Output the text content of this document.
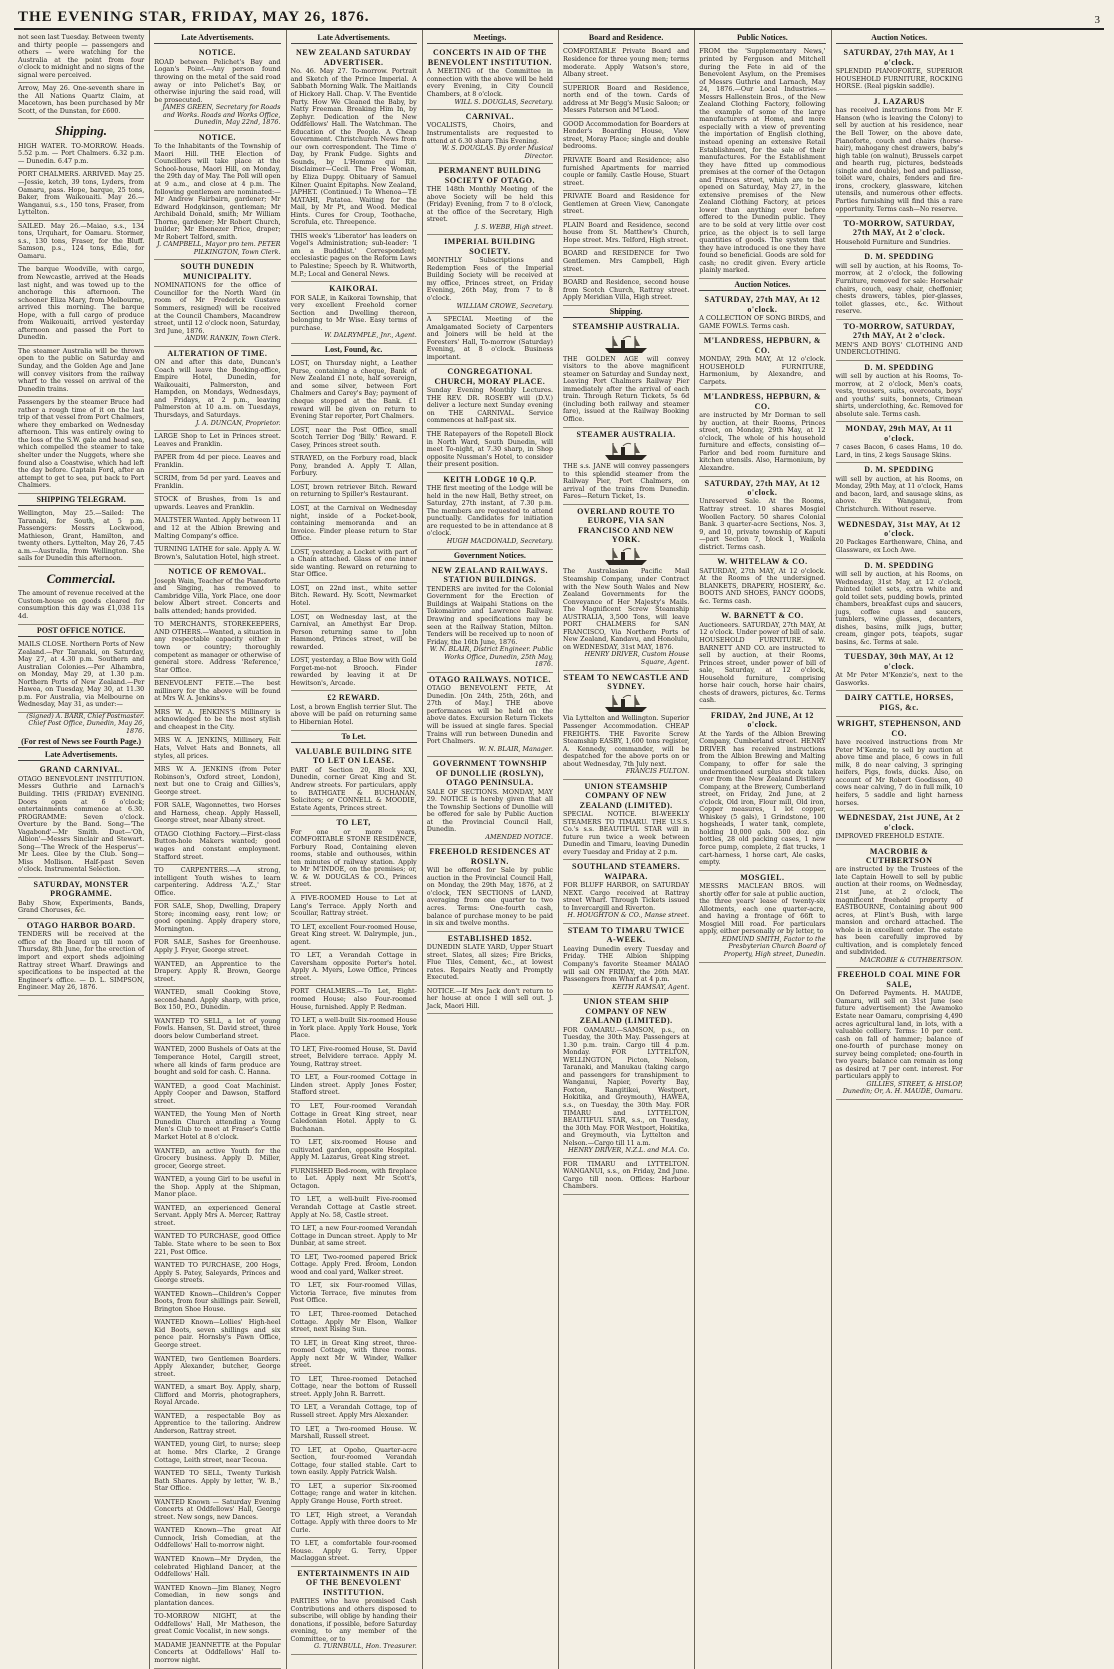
THE EVENING STAR, FRIDAY, MAY 26, 1876.	3
not seen last Tuesday. Between twenty and thirty people — passengers and others — were watching for the Australia at the point from four o'clock to midnight and no signs of the signal were perceived.
Arrow, May 26. One-seventh share in the All Nations Quartz Claim, at Macetown, has been purchased by Mr Scott, of the Dunstan, for £600.
Shipping.
HIGH WATER. TO-MORROW. Heads. 5.52 p.m. — Port Chalmers. 6.32 p.m. — Dunedin. 6.47 p.m.
PORT CHALMERS. ARRIVED. May 25.—Jessie, ketch, 39 tons, Lyders, from Oamaru, pass. Hope, barque, 25 tons, Baker, from Waikouaiti. May 26.—Wanganui, s.s., 150 tons, Fraser, from Lyttelton.
SAILED. May 26.—Maiao, s.s., 134 tons, Urquhart, for Oamaru. Stormer, s.s., 130 tons, Fraser, for the Bluff. Samson, p.s., 124 tons, Edie, for Oamaru.
The barque Woodville, with cargo, from Newcastle, arrived at the Heads last night, and was towed up to the anchorage this afternoon. The schooner Eliza Mary, from Melbourne, arrived this morning. The barque Hope, with a full cargo of produce from Waikouaiti, arrived yesterday afternoon and passed the Port to Dunedin.
The steamer Australia will be thrown open to the public on Saturday and Sunday, and the Golden Age and Jane will convey visitors from the railway wharf to the vessel on arrival of the Dunedin trains.
Passengers by the steamer Bruce had rather a rough time of it on the last trip of that vessel from Port Chalmers, where they embarked on Wednesday afternoon. This was entirely owing to the loss of the S.W. gale and head sea, which compelled the steamer to take shelter under the Nuggets, where she found also a Coastwise, which had left the day before. Captain Ford, after an attempt to get to sea, put back to Port Chalmers.
SHIPPING TELEGRAM.
Wellington, May 25.—Sailed: The Taranaki, for South, at 5 p.m. Passengers: Messrs Lockwood, Mathieson, Grant, Hamilton, and twenty others. Lyttelton, May 26, 7.45 a.m.—Australia, from Wellington. She sails for Dunedin this afternoon.
Commercial.
The amount of revenue received at the Custom-house on goods cleared for consumption this day was £1,038 11s 4d.
POST OFFICE NOTICE.
MAILS CLOSE. Northern Ports of New Zealand.—Per Taranaki, on Saturday, May 27, at 4.30 p.m. Southern and Australian Colonies.—Per Alhambra, on Monday, May 29, at 1.30 p.m. Northern Ports of New Zealand.—Per Hawea, on Tuesday, May 30, at 11.30 p.m. For Australia, via Melbourne on Wednesday, May 31, as under:—
(Signed) A. BARR, Chief Postmaster. Chief Post Office, Dunedin, May 26, 1876.
(For rest of News see Fourth Page.)
Late Advertisements.
GRAND CARNIVAL.
OTAGO BENEVOLENT INSTITUTION. Messrs Guthrie and Larnach's Building. THIS (FRIDAY) EVENING. Doors open at 6 o'clock; entertainments commence at 6.30. PROGRAMME: Seven o'clock. Overture by the Band. Song—'The Vagabond'—Mr Smith. Duet—'Oh, Albion'—Messrs Sinclair and Stewart. Song—'The Wreck of the Hesperus'—Mr Lees. Glee by the Club. Song—Miss Mollison. Half-past Seven o'clock. Instrumental Selection.
SATURDAY, MONSTER PROGRAMME.
Baby Show, Experiments, Bands, Grand Choruses, &c.
OTAGO HARBOR BOARD.
TENDERS will be received at the office of the Board up till noon of Thursday, 8th June, for the erection of import and export sheds adjoining Rattray street Wharf. Drawings and specifications to be inspected at the Engineer's office. — D. L. SIMPSON, Engineer. May 26, 1876.
Late Advertisements.
NOTICE.
ROAD between Pelichet's Bay and Logan's Point.—Any person found throwing on the metal of the said road away or into Pelichet's Bay, or otherwise injuring the said road, will be prosecuted.
JAMES GREEN, Secretary for Roads and Works. Roads and Works Office, Dunedin, May 22nd, 1876.
NOTICE.
To the Inhabitants of the Township of Maori Hill. THE Election of Councillors will take place at the School-house, Maori Hill, on Monday, the 29th day of May. The Poll will open at 9 a.m., and close at 4 p.m. The following gentlemen are nominated:— Mr Andrew Fairbairn, gardener; Mr Edward Hodgkinson, gentleman; Mr Archibald Donald, smith; Mr William Thorne, gardener; Mr Robert Church, builder; Mr Ebenezer Price, draper; Mr Robert Telford, smith.
J. CAMPBELL, Mayor pro tem. PETER PILKINGTON, Town Clerk.
SOUTH DUNEDIN MUNICIPALITY.
NOMINATIONS for the office of Councillor for the North Ward (in room of Mr Frederick Gustave Sommers, resigned) will be received at the Council Chambers, Macandrew street, until 12 o'clock noon, Saturday, 3rd June, 1876.
ANDW. RANKIN, Town Clerk.
ALTERATION OF TIME.
ON and after this date, Duncan's Coach will leave the Booking-office, Empire Hotel, Dunedin, for Waikouaiti, Palmerston, and Hampden, on Mondays, Wednesdays, and Fridays, at 2 p.m., leaving Palmerston at 10 a.m. on Tuesdays, Thursdays, and Saturdays.
J. A. DUNCAN, Proprietor.
LARGE Shop to Let in Princes street. Leaves and Franklin.
PAPER from 4d per piece. Leaves and Franklin.
SCRIM, from 5d per yard. Leaves and Franklin.
STOCK of Brushes, from 1s and upwards. Leaves and Franklin.
MALTSTER Wanted. Apply between 11 and 12 at the Albion Brewing and Malting Company's office.
TURNING LATHE for sale. Apply A. W. Brown's, Salutation Hotel, high street.
NOTICE OF REMOVAL.
Joseph Wain, Teacher of the Pianoforte and Singing, has removed to Cambridge Villa, York Place, one door below Albert street. Concerts and balls attended; hands provided.
TO MERCHANTS, STOREKEEPERS, AND OTHERS.—Wanted, a situation in any respectable capacity either in town or country; thoroughly competent as manager or otherwise of general store. Address 'Reference,' Star Office.
BENEVOLENT FETE.—The best millinery for the above will be found at Mrs W. A. Jenkins's.
MRS W. A. JENKINS'S Millinery is acknowledged to be the most stylish and cheapest in the City.
MRS W. A. JENKINS, Millinery, Felt Hats, Velvet Hats and Bonnets, all styles, all prices.
MRS W. A. JENKINS (from Peter Robinson's, Oxford street, London), next but one to Craig and Gillies's, George street.
FOR SALE, Wagonnettes, two Horses and Harness, cheap. Apply Hassell, George street, near Albany street.
OTAGO Clothing Factory.—First-class Button-hole Makers wanted; good wages and constant employment. Stafford street.
TO CARPENTERS.—A strong, intelligent Youth wishes to learn carpentering. Address 'A.Z.,' Star Office.
FOR SALE, Shop, Dwelling, Drapery Store; incoming easy, rent low; or good opening. Apply drapery store, Mornington.
FOR SALE, Sashes for Greenhouse. Apply J. Fryer, George street.
WANTED, an Apprentice to the Drapery. Apply R. Brown, George street.
WANTED, small Cooking Stove, second-hand. Apply sharp, with price, Box 150, P.O., Dunedin.
WANTED TO SELL, a lot of young Fowls. Hansen, St. David street, three doors below Cumberland street.
WANTED, 2000 Bushels of Oats at the Temperance Hotel, Cargill street, where all kinds of farm produce are bought and sold for cash. C. Hanna.
WANTED, a good Coat Machinist. Apply Cooper and Dawson, Stafford street.
WANTED, the Young Men of North Dunedin Church attending a Young Men's Club to meet at Fraser's Cattle Market Hotel at 8 o'clock.
WANTED, an active Youth for the Grocery business. Apply D. Miller, grocer, George street.
WANTED, a young Girl to be useful in the Shop. Apply at the Shipman, Manor place.
WANTED, an experienced General Servant. Apply Mrs A. Mercer, Rattray street.
WANTED TO PURCHASE, good Office Table. State where to be seen to Box 221, Post Office.
WANTED TO PURCHASE, 200 Hogs, Apply S. Patey, Saleyards, Princes and George streets.
WANTED Known—Children's Copper Boots, from four shillings pair. Sewell, Brington Shoe House.
WANTED Known—Lollies' High-heel Kid Boots, seven shillings and six pence pair. Hornsby's Pawn Office, George street.
WANTED, two Gentlemen Boarders. Apply Alexander, butcher, George street.
WANTED, a smart Boy. Apply, sharp, Clifford and Morris, photographers, Royal Arcade.
WANTED, a respectable Boy as Apprentice to the tailoring. Andrew Anderson, Rattray street.
WANTED, young Girl, to nurse; sleep at home. Mrs Clarke, 2 Grange Cottage, Leith street, near Tecoua.
WANTED TO SELL, Twenty Turkish Bath Shares. Apply by letter, 'W. B.,' Star Office.
WANTED Known — Saturday Evening Concerts at Oddfellows' Hall, George street. New songs, new Dances.
WANTED Known—The great Alf Cunnock, Irish Comedian, at the Oddfellows' Hall to-morrow night.
WANTED Known—Mr Dryden, the celebrated Highland Dancer, at the Oddfellows' Hall.
WANTED Known—Jim Blaney, Negro Comedian, in new songs and plantation dances.
TO-MORROW NIGHT, at the Oddfellows' Hall, Mr Matheson, the great Comic Vocalist, in new songs.
MADAME JEANNETTE at the Popular Concerts at Oddfellows' Hall to-morrow night.
Late Advertisements.
NEW ZEALAND SATURDAY ADVERTISER.
No. 46. May 27. To-morrow. Portrait and Sketch of the Prince Imperial. A Sabbath Morning Walk. The Maitlands of Hickory Hall. Chap. V. The Eventide Party. How We Cleaned the Baby, by Natty Freeman. Breaking Him In, by Zephyr. Dedication of the New Oddfellows' Hall. The Watchman. The Education of the People. A Cheap Government. Christchurch News from our own correspondent. The Time o' Day, by Frank Fudge. Sights and Sounds, by L'Homme qui Rit. Disclaimer—Cecil. The Free Woman, by Eliza Duppy. Obituary of Samuel Kilner. Quaint Epitaphs. New Zealand, JAPHET. (Continued.) Te Whenoa—TE MATAHI, Patatea. Waiting for the Mail, by Mr Pt, and Wood. Medical Hints. Cures for Croup, Toothache, Scrofula, etc. Threepence.
THIS week's 'Liberator' has leaders on Vogel's Administration; sub-leader: 'I am a Buddhist.' Correspondent; ecclesiastic pages on the Reform Laws to Palestine; Speech by R. Whitworth, M.P.; Local and General News.
KAIKORAI.
FOR SALE, in Kaikorai Township, that very excellent Freehold corner Section and Dwelling thereon, belonging to Mr Wise. Easy terms of purchase.
W. DALRYMPLE, Jnr., Agent.
Lost, Found, &c.
LOST, on Thursday night, a Leather Purse, containing a cheque, Bank of New Zealand £1 note, half sovereign, and some silver, between Fort Chalmers and Carey's Bay; payment of cheque stopped at the Bank. £1 reward will be given on return to Evening Star reporter, Port Chalmers.
LOST, near the Post Office, small Scotch Terrier Dog 'Billy.' Reward. F. Casey, Princes street south.
STRAYED, on the Forbury road, black Pony, branded A. Apply T. Allan, Forbury.
LOST, brown retriever Bitch. Reward on returning to Spiller's Restaurant.
LOST, at the Carnival on Wednesday night, inside of a Pocket-book, containing memoranda and an Invoice. Finder please return to Star Office.
LOST, yesterday, a Locket with part of a Chain attached. Glass of one inner side wanting. Reward on returning to Star Office.
LOST, on 22nd inst., white setter Bitch. Reward. Hy. Scott, Newmarket Hotel.
LOST, on Wednesday last, at the Carnival, an Amethyst Ear Drop. Person returning same to John Hammond, Princes street, will be rewarded.
LOST, yesterday, a Blue Bow with Gold Forget-me-not Brooch. Finder rewarded by leaving it at Dr Hewitson's, Arcade.
£2 REWARD.
Lost, a brown English terrier Slut. The above will be paid on returning same to Hibernian Hotel.
To Let.
VALUABLE BUILDING SITE TO LET ON LEASE.
PART of Section 20, Block XXI, Dunedin, corner Great King and St. Andrew streets. For particulars, apply to BATHGATE & BUCHANAN, Solicitors; or CONNELL & MOODIE, Estate Agents, Princes street.
TO LET,
For one or more years, COMFORTABLE STONE RESIDENCE, Forbury Road, Containing eleven rooms, stable and outhouses, within ten minutes of railway station. Apply to Mr M'INDOE, on the premises; or, W. & W. DOUGLAS & CO., Princes street.
A FIVE-ROOMED House to Let at Lang's Terrace. Apply North and Scoullar, Rattray street.
TO LET, excellent Four-roomed House, Great King street. W. Dalrymple, jun., agent.
TO LET, a Verandah Cottage in Caversham opposite Porter's hotel. Apply A. Myers, Lowe Office, Princes street.
PORT CHALMERS.—To Let, Eight-roomed House; also Four-roomed House, furnished. Apply P. Redman.
TO LET, a well-built Six-roomed House in York place. Apply York House, York Place.
TO LET, Five-roomed House, St. David street, Belvidere terrace. Apply M. Young, Rattray street.
TO LET, a Four-roomed Cottage in Linden street. Apply Jones Foster, Stafford street.
TO LET, Four-roomed Verandah Cottage in Great King street, near Caledonian Hotel. Apply to G. Buchanan.
TO LET, six-roomed House and cultivated garden, opposite Hospital. Apply M. Lazarus, Great King street.
FURNISHED Bed-room, with fireplace to Let. Apply next Mr Scott's, Octagon.
TO LET, a well-built Five-roomed Verandah Cottage at Castle street. Apply at No. 58, Castle street.
TO LET, a new Four-roomed Verandah Cottage in Duncan street. Apply to Mr Dunbar, at same street.
TO LET, Two-roomed papered Brick Cottage. Apply Fred. Broom, London wood and coal yard, Walker street.
TO LET, six Four-roomed Villas, Victoria Terrace, five minutes from Post Office.
TO LET, Three-roomed Detached Cottage. Apply Mr Elson, Walker street, next Rising Sun.
TO LET, in Great King street, three-roomed Cottage, with three rooms. Apply next Mr W. Winder, Walker street.
TO LET, Three-roomed Detached Cottage, near the bottom of Russell street. Apply John R. Barrett.
TO LET, a Verandah Cottage, top of Russell street. Apply Mrs Alexander.
TO LET, a Two-roomed House. W. Marshall, Russell street.
TO LET, at Opoho, Quarter-acre Section, four-roomed Verandah Cottage, four stalled stable. Cart to town easily. Apply Patrick Walsh.
TO LET, a superior Six-roomed Cottage; range and water in kitchen. Apply Grange House, Forth street.
TO LET, High street, a Verandah Cottage. Apply with three doors to Mr Curle.
TO LET, a comfortable four-roomed House. Apply G. Terry, Upper Maclaggan street.
ENTERTAINMENTS IN AID OF THE BENEVOLENT INSTITUTION.
PARTIES who have promised Cash Contributions and others disposed to subscribe, will oblige by handing their donations, if possible, before Saturday evening, to any member of the Committee, or to
G. TURNBULL, Hon. Treasurer.
Meetings.
CONCERTS IN AID OF THE BENEVOLENT INSTITUTION.
A MEETING of the Committee in connection with the above will be held every Evening, in City Council Chambers, at 8 o'clock.
WILL S. DOUGLAS, Secretary.
CARNIVAL.
VOCALISTS, Choirs, and Instrumentalists are requested to attend at 6.30 sharp This Evening.
W. S. DOUGLAS. By order Musical Director.
PERMANENT BUILDING SOCIETY OF OTAGO.
THE 148th Monthly Meeting of the above Society will be held this (Friday) Evening, from 7 to 8 o'clock, at the office of the Secretary, High street.
J. S. WEBB, High street.
IMPERIAL BUILDING SOCIETY.
MONTHLY Subscriptions and Redemption Fees of the Imperial Building Society will be received at my office, Princes street, on Friday Evening, 26th May, from 7 to 8 o'clock.
WILLIAM CROWE, Secretary.
A SPECIAL Meeting of the Amalgamated Society of Carpenters and Joiners will be held at the Foresters' Hall, To-morrow (Saturday) Evening, at 8 o'clock. Business important.
CONGREGATIONAL CHURCH, MORAY PLACE.
Sunday Evening Monthly Lectures. THE REV. DR. ROSEBY will (D.V.) deliver a lecture next Sunday evening on THE CARNIVAL. Service commences at half-past six.
THE Ratepayers of the Ropetell Block in North Ward, South Dunedin, will meet To-night, at 7.30 sharp, in Shop opposite Nussman's Hotel, to consider their present position.
KEITH LODGE 10 Q.P.
THE first meeting of the Lodge will be held in the new Hall, Bethy street, on Saturday, 27th instant, at 7.30 p.m. The members are requested to attend punctually. Candidates for initiation are requested to be in attendance at 8 o'clock.
HUGH MACDONALD, Secretary.
Government Notices.
NEW ZEALAND RAILWAYS. STATION BUILDINGS.
TENDERS are invited for the Colonial Government for the Erection of Buildings at Waipahi Stations on the Tokomairiro and Lawrence Railway. Drawing and specifications may be seen at the Railway Station, Milton. Tenders will be received up to noon of Friday, the 16th June, 1876.
W. N. BLAIR, District Engineer. Public Works Office, Dunedin, 25th May, 1876.
OTAGO RAILWAYS. NOTICE.
OTAGO BENEVOLENT FETE, At Dunedin. [On 24th, 25th, 26th, and 27th of May.] THE above performances will be held on the above dates. Excursion Return Tickets will be issued at single fares. Special Trains will run between Dunedin and Port Chalmers.
W. N. BLAIR, Manager.
GOVERNMENT TOWNSHIP OF DUNOLLIE (ROSLYN), OTAGO PENINSULA.
SALE OF SECTIONS. MONDAY, MAY 29. NOTICE is hereby given that all the Township Sections of Dunollie will be offered for sale by Public Auction at the Provincial Council Hall, Dunedin.
AMENDED NOTICE.
FREEHOLD RESIDENCES AT ROSLYN.
Will be offered for Sale by public auction in the Provincial Council Hall, on Monday, the 29th May, 1876, at 2 o'clock, TEN SECTIONS of LAND, averaging from one quarter to two acres. Terms: One-fourth cash, balance of purchase money to be paid in six and twelve months.
ESTABLISHED 1852.
DUNEDIN SLATE YARD, Upper Stuart street. Slates, all sizes; Fire Bricks, Flue Tiles, Cement, &c., at lowest rates. Repairs Neatly and Promptly Executed.
NOTICE.—If Mrs Jack don't return to her house at once I will sell out. J. Jack, Maori Hill.
Board and Residence.
COMFORTABLE Private Board and Residence for three young men; terms moderate. Apply Watson's store, Albany street.
SUPERIOR Board and Residence, north end of the town. Cards of address at Mr Begg's Music Saloon; or Messrs Paterson and M'Leod.
GOOD Accommodation for Boarders at Hender's Boarding House, View street, Moray Place; single and double bedrooms.
PRIVATE Board and Residence; also furnished Apartments for married couple or family. Castle House, Stuart street.
PRIVATE Board and Residence for Gentlemen at Green View, Canongate street.
PLAIN Board and Residence, second house from St. Matthew's Church, Hope street. Mrs. Telford, High street.
BOARD and RESIDENCE for Two Gentlemen. Mrs Campbell, High street.
BOARD and Residence, second house from Scotch Church, Rattray street. Apply Meridian Villa, High street.
Shipping.
STEAMSHIP AUSTRALIA.
THE GOLDEN AGE will convey visitors to the above magnificent steamer on Saturday and Sunday next, Leaving Port Chalmers Railway Pier immediately after the arrival of each train. Through Return Tickets, 5s 6d (including both railway and steamer fare), issued at the Railway Booking Office.
STEAMER AUSTRALIA.
THE s.s. JANE will convey passengers to this splendid steamer from the Railway Pier, Port Chalmers, on arrival of the trains from Dunedin. Fares—Return Ticket, 1s.
OVERLAND ROUTE TO EUROPE, VIA SAN FRANCISCO AND NEW YORK.
The Australasian Pacific Mail Steamship Company, under Contract with the New South Wales and New Zealand Governments for the Conveyance of Her Majesty's Mails. The Magnificent Screw Steamship AUSTRALIA, 3,500 Tons, will leave PORT CHALMERS for SAN FRANCISCO, Via Northern Ports of New Zealand, Kandavu, and Honolulu, on WEDNESDAY, 31st MAY, 1876.
HENRY DRIVER, Custom House Square, Agent.
STEAM TO NEWCASTLE AND SYDNEY.
Via Lyttelton and Wellington. Superior Passenger Accommodation. CHEAP FREIGHTS. THE Favorite Screw Steamship EASBY, 1,600 tons register, A. Kennedy, commander, will be despatched for the above ports on or about Wednesday, 7th July next.
FRANCIS FULTON.
UNION STEAMSHIP COMPANY OF NEW ZEALAND (LIMITED).
SPECIAL NOTICE. BI-WEEKLY STEAMERS TO TIMARU. THE U.S.S. Co.'s s.s. BEAUTIFUL STAR will in future run twice a week between Dunedin and Timaru, leaving Dunedin every Tuesday and Friday at 2 p.m.
SOUTHLAND STEAMERS. WAIPARA.
FOR BLUFF HARBOR, on SATURDAY NEXT. Cargo received at Rattray street Wharf. Through Tickets issued to Invercargill and Riverton.
H. HOUGHTON & CO., Manse street.
STEAM TO TIMARU TWICE A-WEEK.
Leaving Dunedin every Tuesday and Friday. THE Albion Shipping Company's favorite Steamer MAIAO will sail ON FRIDAY, the 26th MAY. Passengers from Wharf at 4 p.m.
KEITH RAMSAY, Agent.
UNION STEAM SHIP COMPANY OF NEW ZEALAND (LIMITED).
FOR OAMARU.—SAMSON, p.s., on Tuesday, the 30th May. Passengers at 1.30 p.m. train. Cargo till 4 p.m. Monday. FOR LYTTELTON, WELLINGTON, Picton, Nelson, Taranaki, and Manukau (taking cargo and passengers for transhipment to Wanganui, Napier, Poverty Bay, Foxton, Rangitikei, Westport, Hokitika, and Greymouth), HAWEA, s.s., on Tuesday, the 30th May. FOR TIMARU and LYTTELTON, BEAUTIFUL STAR, s.s., on Tuesday, the 30th May. FOR Westport, Hokitika, and Greymouth, via Lyttelton and Nelson.—Cargo till 11 a.m.
HENRY DRIVER, N.Z.L. and M.A. Co.
FOR TIMARU and LYTTELTON. WANGANUI, s.s., on Friday, 2nd June. Cargo till noon. Offices: Harbour Chambers.
Public Notices.
FROM the 'Supplementary News,' printed by Ferguson and Mitchell during the Fete in aid of the Benevolent Asylum, on the Premises of Messrs Guthrie and Larnach, May 24, 1876.—Our Local Industries.—Messrs Hallenstein Bros., of the New Zealand Clothing Factory, following the example of some of the large manufacturers at Home, and more especially with a view of preventing the importation of English clothing, instead opening an extensive Retail Establishment, for the sale of their manufactures. For the Establishment they have fitted up commodious premises at the corner of the Octagon and Princes street, which are to be opened on Saturday, May 27, in the extensive premises of the New Zealand Clothing Factory, at prices lower than anything ever before offered to the Dunedin public. They are to be sold at very little over cost price, as the object is to sell large quantities of goods. The system that they have introduced is one they have found so beneficial. Goods are sold for cash; no credit given. Every article plainly marked.
Auction Notices.
SATURDAY, 27th MAY, At 12 o'clock.
A COLLECTION OF SONG BIRDS, and GAME FOWLS. Terms cash.
M'LANDRESS, HEPBURN, & CO.
MONDAY, 29th MAY, At 12 o'clock. HOUSEHOLD FURNITURE, Harmonium, by Alexandre, and Carpets.
M'LANDRESS, HEPBURN, & CO.
are instructed by Mr Dorman to sell by auction, at their Rooms, Princes street, on Monday, 29th May, at 12 o'clock, The whole of his household furniture and effects, consisting of— Parlor and bed room furniture and kitchen utensils. Also, Harmonium, by Alexandre.
SATURDAY, 27th MAY, At 12 o'clock.
Unreserved Sale. At the Rooms, Rattray street. 10 shares Mosgiel Woollen Factory. 50 shares Colonial Bank. 3 quarter-acre Sections, Nos. 3, 9, and 10, private township of Kaputi—part Section 7, block 1, Waikola district. Terms cash.
W. WHITELAW & CO.
SATURDAY, 27th MAY, At 12 o'clock. At the Rooms of the undersigned. BLANKETS, DRAPERY, HOSIERY, &c. BOOTS AND SHOES, FANCY GOODS, &c. Terms cash.
W. BARNETT & CO.
Auctioneers. SATURDAY, 27th MAY, At 12 o'clock. Under power of bill of sale. HOUSEHOLD FURNITURE. W. BARNETT AND CO. are instructed to sell by auction, at their Rooms, Princes street, under power of bill of sale, Saturday, at 12 o'clock, Household furniture, comprising horse hair couch, horse hair chairs, chests of drawers, pictures, &c. Terms cash.
FRIDAY, 2nd JUNE, At 12 o'clock.
At the Yards of the Albion Brewing Company, Cumberland street. HENRY DRIVER has received instructions from the Albion Brewing and Malting Company, to offer for sale the undermentioned surplus stock taken over from the New Zealand Distillery Company, at the Brewery, Cumberland street, on Friday, 2nd June, at 2 o'clock, Old iron, Flour mill, Old iron, Copper measures, 1 lot copper, Whiskey (5 gals), 1 Grindstone, 100 hogsheads, 1 water tank, complete, holding 10,000 gals. 500 doz. gin bottles, 28 old packing cases, 1 new force pump, complete, 2 flat trucks, 1 cart-harness, 1 horse cart, Ale casks, empty.
MOSGIEL.
MESSRS MACLEAN BROS. will shortly offer for sale at public auction, the three years' lease of twenty-six Allotments, each one quarter-acre, and having a frontage of 66ft to Mosgiel Mill road. For particulars apply, either personally or by letter, to
EDMUND SMITH, Factor to the Presbyterian Church Board of Property, High street, Dunedin.
Auction Notices.
SATURDAY, 27th MAY, At 1 o'clock.
SPLENDID PIANOFORTE, SUPERIOR HOUSEHOLD FURNITURE, ROCKING HORSE. (Real pigskin saddle).
J. LAZARUS
has received instructions from Mr F. Hanson (who is leaving the Colony) to sell by auction at his residence, near the Bell Tower, on the above date, Pianoforte, couch and chairs (horse-hair), mahogany chest drawers, baby's high table (on walnut), Brussels carpet and hearth rug, pictures, bedsteads (single and double), bed and palliasse, toilet ware, chairs, fenders and fire-irons, crockery, glassware, kitchen utensils, and numerous other effects. Parties furnishing will find this a rare opportunity. Terms cash—No reserve.
TO-MORROW, SATURDAY, 27th MAY, At 2 o'clock.
Household Furniture and Sundries.
D. M. SPEDDING
will sell by auction, at his Rooms, To-morrow, at 2 o'clock, the following Furniture, removed for sale: Horsehair chairs, couch, easy chair, cheffonier, chests drawers, tables, pier-glasses, toilet glasses, etc., &c. Without reserve.
TO-MORROW, SATURDAY, 27th MAY, At 2 o'clock.
MEN'S AND BOYS' CLOTHING AND UNDERCLOTHING.
D. M. SPEDDING
will sell by auction at his Rooms, To-morrow, at 2 o'clock, Men's coats, vests, trousers, suits, overcoats, boys' and youths' suits, bonnets, Crimean shirts, underclothing, &c. Removed for absolute sale. Terms cash.
MONDAY, 29th MAY, At 11 o'clock.
7 cases Bacon, 6 cases Hams, 10 do. Lard, in tins, 2 kegs Sausage Skins.
D. M. SPEDDING
will sell by auction, at his Rooms, on Monday, 29th May, at 11 o'clock, Hams and bacon, lard, and sausage skins, as above. Ex Wanganui, from Christchurch. Without reserve.
WEDNESDAY, 31st MAY, At 12 o'clock.
20 Packages Earthenware, China, and Glassware, ex Loch Awe.
D. M. SPEDDING
will sell by auction, at his Rooms, on Wednesday, 31st May, at 12 o'clock, Painted toilet sets, extra white and gold toilet sets, pudding bowls, printed chambers, breakfast cups and saucers, jugs, coffee cups and saucers, tumblers, wine glasses, decanters, dishes, basins, milk jugs, butter, cream, ginger pots, teapots, sugar basins, &c. Terms at sale.
TUESDAY, 30th MAY, At 12 o'clock.
At Mr Peter M'Kenzie's, next to the Gasworks.
DAIRY CATTLE, HORSES, PIGS, &c.
WRIGHT, STEPHENSON, AND CO.
have received instructions from Mr Peter M'Kenzie, to sell by auction at above time and place, 6 cows in full milk, 8 do near calving, 3 springing heifers, Pigs, fowls, ducks. Also, on account of Mr Robert Goodisson, 40 cows near calving, 7 do in full milk, 10 heifers, 5 saddle and light harness horses.
WEDNESDAY, 21st JUNE, At 2 o'clock.
IMPROVED FREEHOLD ESTATE.
MACROBIE & CUTHBERTSON
are instructed by the Trustees of the late Captain Howell to sell by public auction at their rooms, on Wednesday, 21st June, at 2 o'clock, The magnificent freehold property of EASTBOURNE, Containing about 900 acres, at Flint's Bush, with large mansion and orchard attached. The whole is in excellent order. The estate has been carefully improved by cultivation, and is completely fenced and subdivided.
MACROBIE & CUTHBERTSON.
FREEHOLD COAL MINE FOR SALE,
On Deferred Payments. H. MAUDE, Oamaru, will sell on 31st June (see future advertisement) the Awamoko Estate near Oamaru, comprising 4,490 acres agricultural land, in lots, with a valuable colliery. Terms: 10 per cent. cash on fall of hammer; balance of one-fourth of purchase money on survey being completed; one-fourth in two years; balance can remain as long as desired at 7 per cent. interest. For particulars apply to
GILLIES, STREET, & HISLOP, Dunedin; Or, A. H. MAUDE, Oamaru.
